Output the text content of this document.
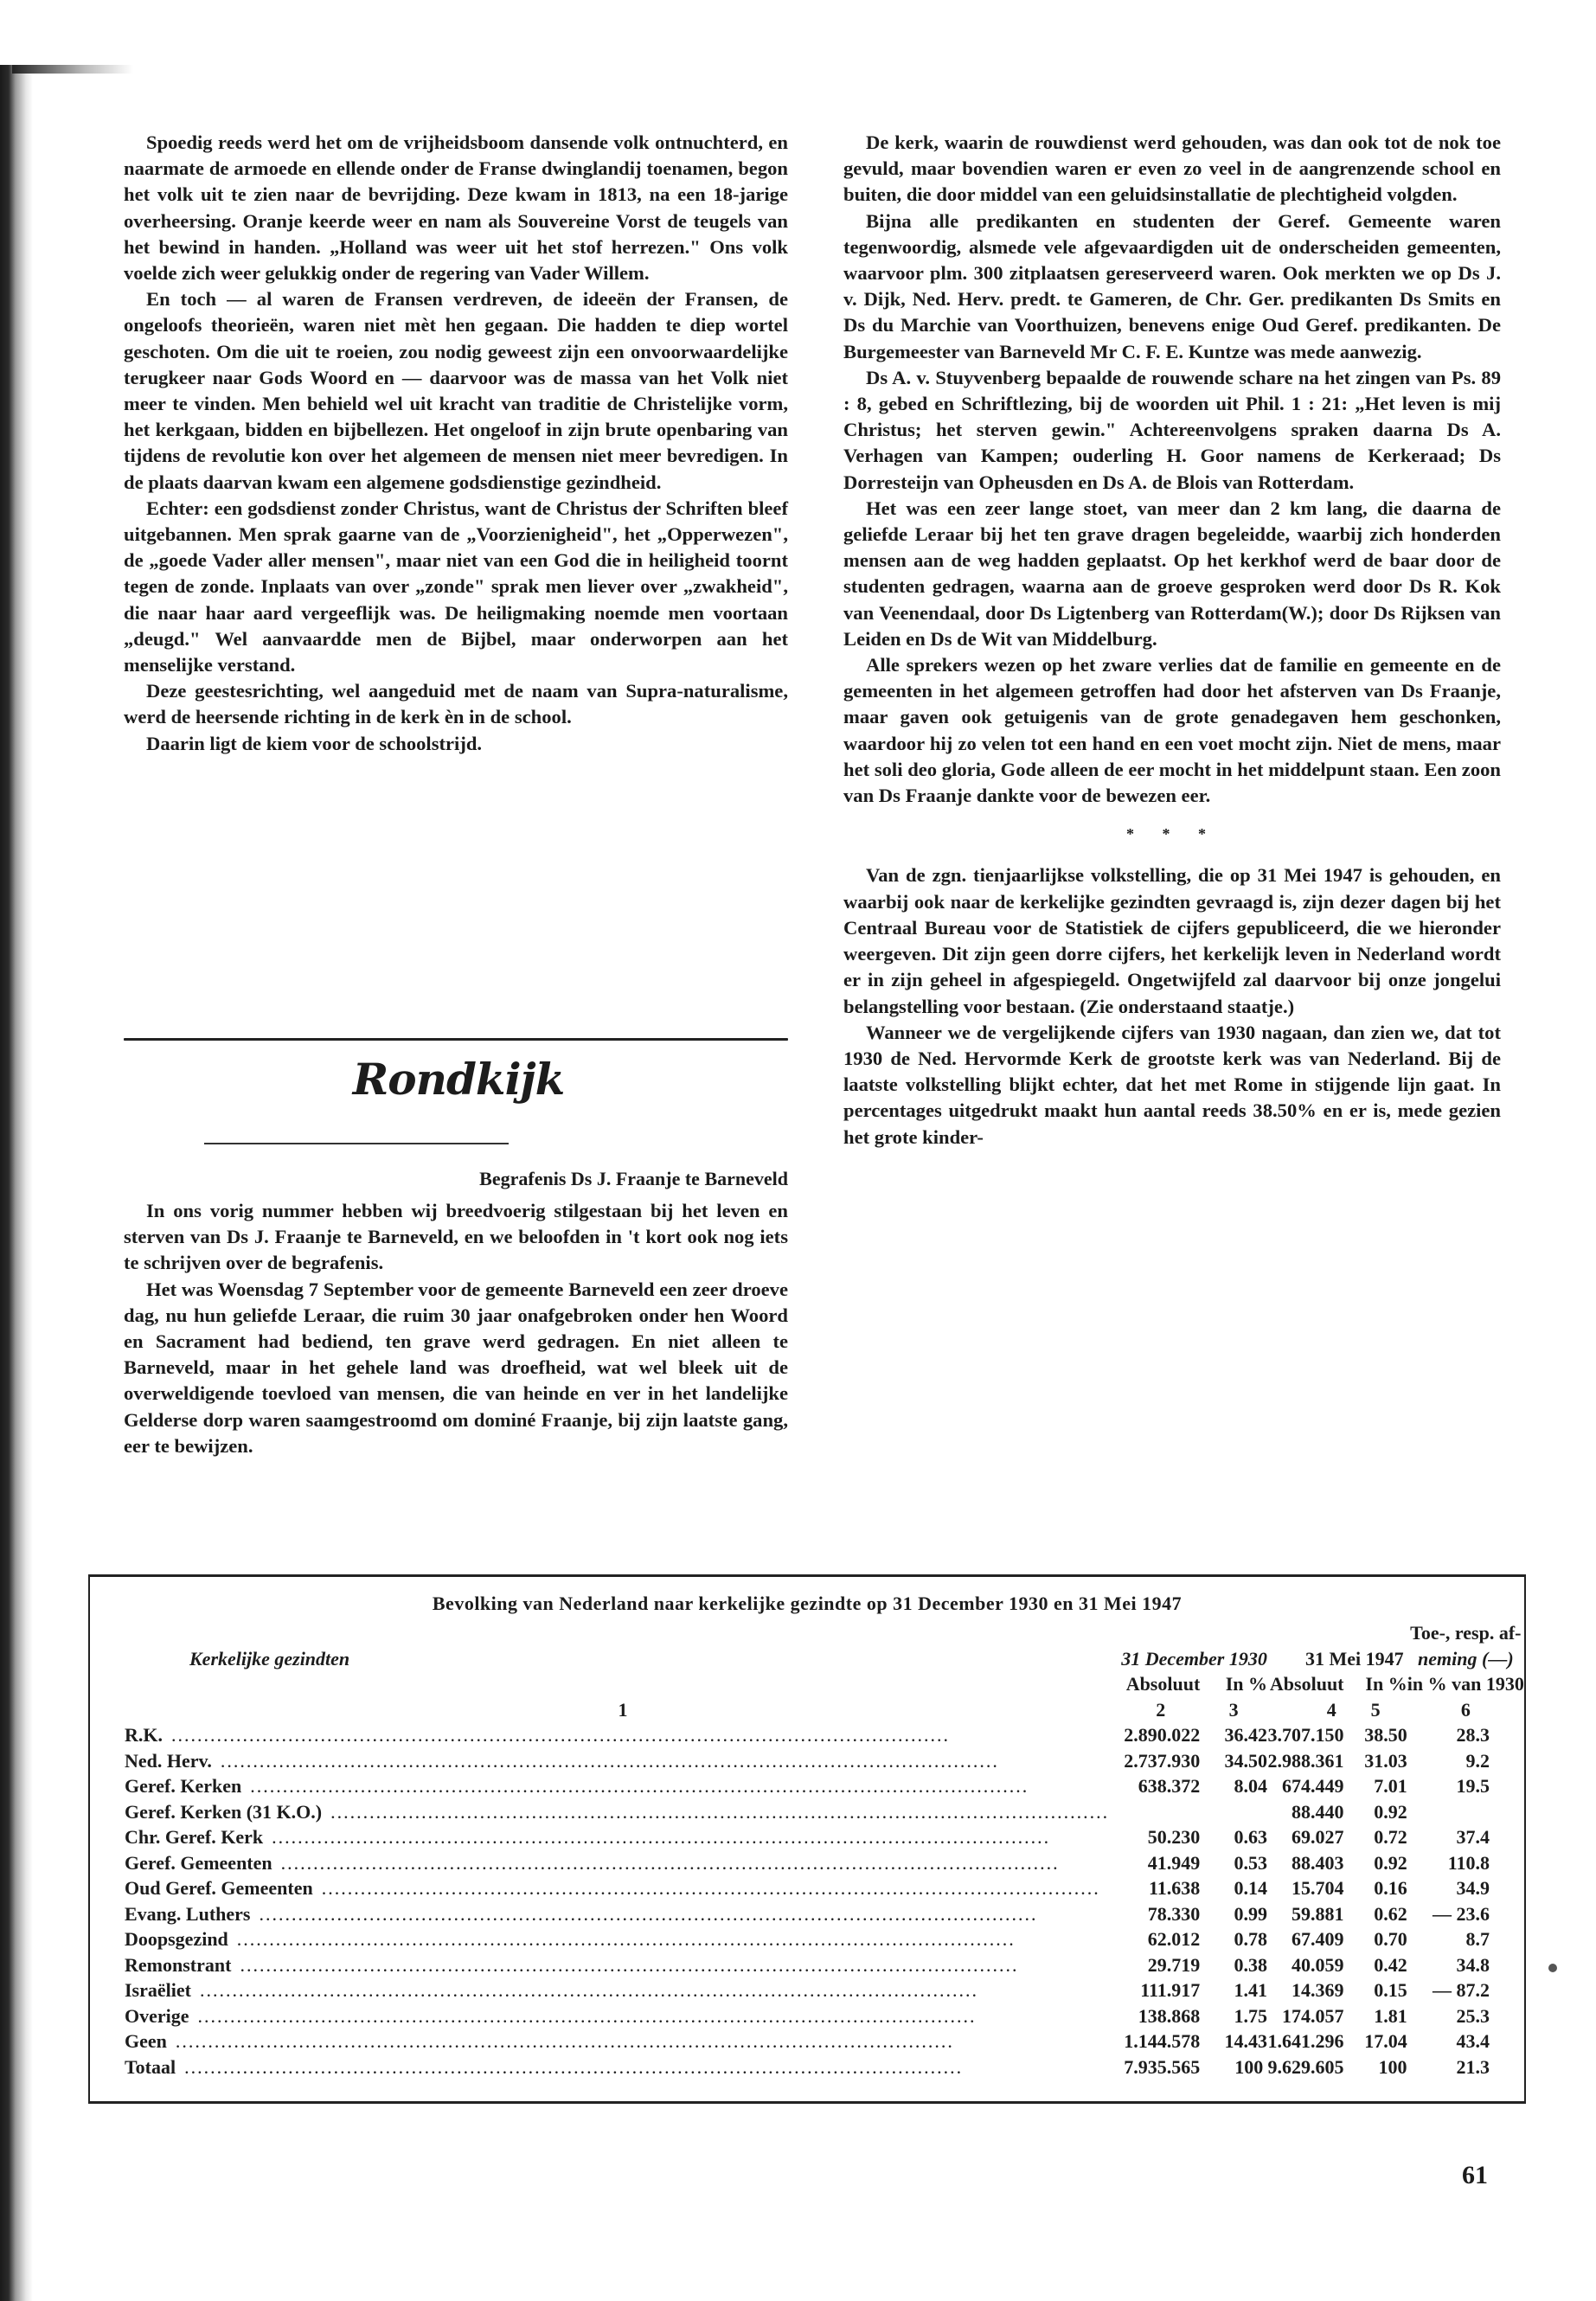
Spoedig reeds werd het om de vrijheidsboom dansende volk ontnuchterd, en naarmate de armoede en ellende onder de Franse dwinglandij toenamen, begon het volk uit te zien naar de bevrijding. Deze kwam in 1813, na een 18-jarige overheersing. Oranje keerde weer en nam als Souvereine Vorst de teugels van het bewind in handen. „Holland was weer uit het stof herrezen." Ons volk voelde zich weer gelukkig onder de regering van Vader Willem.

En toch — al waren de Fransen verdreven, de ideeën der Fransen, de ongeloofs theorieën, waren niet mèt hen gegaan. Die hadden te diep wortel geschoten. Om die uit te roeien, zou nodig geweest zijn een onvoorwaardelijke terugkeer naar Gods Woord en — daarvoor was de massa van het Volk niet meer te vinden. Men behield wel uit kracht van traditie de Christelijke vorm, het kerkgaan, bidden en bijbellezen. Het ongeloof in zijn brute openbaring van tijdens de revolutie kon over het algemeen de mensen niet meer bevredigen. In de plaats daarvan kwam een algemene godsdienstige gezindheid.

Echter: een godsdienst zonder Christus, want de Christus der Schriften bleef uitgebannen. Men sprak gaarne van de „Voorzienigheid", het „Opperwezen", de „goede Vader aller mensen", maar niet van een God die in heiligheid toornt tegen de zonde. Inplaats van over „zonde" sprak men liever over „zwakheid", die naar haar aard vergeeflijk was. De heiligmaking noemde men voortaan „deugd." Wel aanvaardde men de Bijbel, maar onderworpen aan het menselijke verstand.

Deze geestesrichting, wel aangeduid met de naam van Supra-naturalisme, werd de heersende richting in de kerk èn in de school.

Daarin ligt de kiem voor de schoolstrijd.

Rondkijk
Begrafenis Ds J. Fraanje te Barneveld

In ons vorig nummer hebben wij breedvoerig stilgestaan bij het leven en sterven van Ds J. Fraanje te Barneveld, en we beloofden in 't kort ook nog iets te schrijven over de begrafenis.

Het was Woensdag 7 September voor de gemeente Barneveld een zeer droeve dag, nu hun geliefde Leraar, die ruim 30 jaar onafgebroken onder hen Woord en Sacrament had bediend, ten grave werd gedragen. En niet alleen te Barneveld, maar in het gehele land was droefheid, wat wel bleek uit de overweldigende toevloed van mensen, die van heinde en ver in het landelijke Gelderse dorp waren saamgestroomd om dominé Fraanje, bij zijn laatste gang, eer te bewijzen.

De kerk, waarin de rouwdienst werd gehouden, was dan ook tot de nok toe gevuld, maar bovendien waren er even zo veel in de aangrenzende school en buiten, die door middel van een geluidsinstallatie de plechtigheid volgden.

Bijna alle predikanten en studenten der Geref. Gemeente waren tegenwoordig, alsmede vele afgevaardigden uit de onderscheiden gemeenten, waarvoor plm. 300 zitplaatsen gereserveerd waren. Ook merkten we op Ds J. v. Dijk, Ned. Herv. predt. te Gameren, de Chr. Ger. predikanten Ds Smits en Ds du Marchie van Voorthuizen, benevens enige Oud Geref. predikanten. De Burgemeester van Barneveld Mr C. F. E. Kuntze was mede aanwezig.

Ds A. v. Stuyvenberg bepaalde de rouwende schare na het zingen van Ps. 89 : 8, gebed en Schriftlezing, bij de woorden uit Phil. 1 : 21: „Het leven is mij Christus; het sterven gewin." Achtereenvolgens spraken daarna Ds A. Verhagen van Kampen; ouderling H. Goor namens de Kerkeraad; Ds Dorresteijn van Opheusden en Ds A. de Blois van Rotterdam.

Het was een zeer lange stoet, van meer dan 2 km lang, die daarna de geliefde Leraar bij het ten grave dragen begeleidde, waarbij zich honderden mensen aan de weg hadden geplaatst. Op het kerkhof werd de baar door de studenten gedragen, waarna aan de groeve gesproken werd door Ds R. Kok van Veenendaal, door Ds Ligtenberg van Rotterdam(W.); door Ds Rijksen van Leiden en Ds de Wit van Middelburg.

Alle sprekers wezen op het zware verlies dat de familie en gemeente en de gemeenten in het algemeen getroffen had door het afsterven van Ds Fraanje, maar gaven ook getuigenis van de grote genadegaven hem geschonken, waardoor hij zo velen tot een hand en een voet mocht zijn. Niet de mens, maar het soli deo gloria, Gode alleen de eer mocht in het middelpunt staan. Een zoon van Ds Fraanje dankte voor de bewezen eer.

* * *

Van de zgn. tienjaarlijkse volkstelling, die op 31 Mei 1947 is gehouden, en waarbij ook naar de kerkelijke gezindten gevraagd is, zijn dezer dagen bij het Centraal Bureau voor de Statistiek de cijfers gepubliceerd, die we hieronder weergeven. Dit zijn geen dorre cijfers, het kerkelijk leven in Nederland wordt er in zijn geheel in afgespiegeld. Ongetwijfeld zal daarvoor bij onze jongelui belangstelling voor bestaan. (Zie onderstaand staatje.)

Wanneer we de vergelijkende cijfers van 1930 nagaan, dan zien we, dat tot 1930 de Ned. Hervormde Kerk de grootste kerk was van Nederland. Bij de laatste volkstelling blijkt echter, dat het met Rome in stijgende lijn gaat. In percentages uitgedrukt maakt hun aantal reeds 38.50% en er is, mede gezien het grote kinder-

Bevolking van Nederland naar kerkelijke gezindte op 31 December 1930 en 31 Mei 1947
					Toe-, resp. af-
Kerkelijke gezindten	31 December 1930		31 Mei 1947		neming (—)
	Absoluut	In %	Absoluut	In %	in % van 1930
1	2	3	4	5	6

R.K. ........................................................................................................................	2.890.022	36.42	3.707.150	38.50	28.3

Ned. Herv. ........................................................................................................................	2.737.930	34.50	2.988.361	31.03	9.2

Geref. Kerken ........................................................................................................................	638.372	8.04	674.449	7.01	19.5

Geref. Kerken (31 K.O.) ........................................................................................................................			88.440	0.92	

Chr. Geref. Kerk ........................................................................................................................	50.230	0.63	69.027	0.72	37.4

Geref. Gemeenten ........................................................................................................................	41.949	0.53	88.403	0.92	110.8

Oud Geref. Gemeenten ........................................................................................................................	11.638	0.14	15.704	0.16	34.9

Evang. Luthers ........................................................................................................................	78.330	0.99	59.881	0.62	— 23.6

Doopsgezind ........................................................................................................................	62.012	0.78	67.409	0.70	8.7

Remonstrant ........................................................................................................................	29.719	0.38	40.059	0.42	34.8

Israëliet ........................................................................................................................	111.917	1.41	14.369	0.15	— 87.2

Overige ........................................................................................................................	138.868	1.75	174.057	1.81	25.3

Geen ........................................................................................................................	1.144.578	14.43	1.641.296	17.04	43.4

Totaal ........................................................................................................................	7.935.565	100	9.629.605	100	21.3
61
